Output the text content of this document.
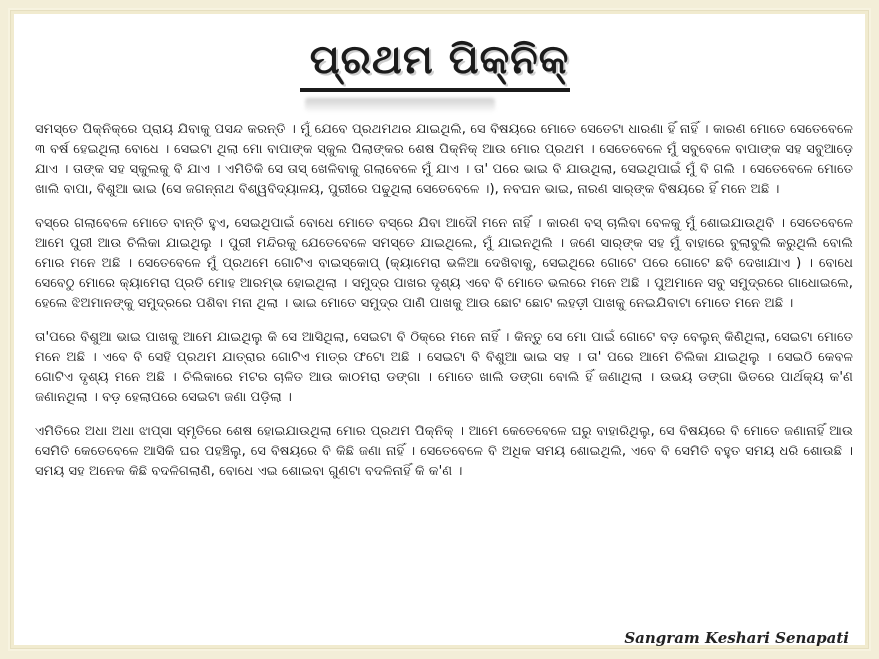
ପ୍ରଥମ ପିକ୍‌ନିକ୍‌

ସମସ୍ତେ ପିକ୍‌ନିକ୍‌ରେ ପ୍ରାୟ ଯିବାକୁ ପସନ୍ଦ କରନ୍ତି । ମୁଁ ଯେବେ ପ୍ରଥମଥର ଯାଇଥିଲି, ସେ ବିଷୟରେ ମୋତେ ସେତେଟା ଧାରଣା ହିଁ ନାହିଁ । କାରଣ ମୋତେ ସେତେବେଳେ ୩ ବର୍ଷ ହେଇଥିଲା ବୋଧେ । ସେଇଟା ଥିଲା ମୋ ବାପାଙ୍କ ସ୍କୁଲ ପିଲାଙ୍କର ଶେଷ ପିକ୍‌ନିକ୍‌ ଆଉ ମୋର ପ୍ରଥମ । ସେତେବେଳେ ମୁଁ ସବୁବେଳେ ବାପାଙ୍କ ସହ ସବୁଆଡ଼େ ଯାଏ । ତାଙ୍କ ସହ ସ୍କୁଲକୁ ବି ଯାଏ । ଏମିତିକି ସେ ତାସ୍‌ ଖେଳିବାକୁ ଗଲାବେଳେ ମୁଁ ଯାଏ । ତା' ପରେ ଭାଇ ବି ଯାଉଥିଲା, ସେଇଥିପାଇଁ ମୁଁ ବି ଗଲି । ସେତେବେଳେ ମୋତେ ଖାଲି ବାପା, ବିଶୁଆ ଭାଇ (ସେ ଜଗନ୍ନାଥ ବିଶ୍ୱବିଦ୍ୟାଳୟ, ପୁରୀରେ ପଢୁଥିଲା ସେତେବେଳେ ।), ନବଘନ ଭାଇ, ନାରଣ ସାର୍‌ଙ୍କ ବିଷୟରେ ହିଁ ମନେ ଅଛି ।

ବସ୍‌ରେ ଗଲାବେଳେ ମୋତେ ବାନ୍ତି ହୁଏ, ସେଇଥିପାଇଁ ବୋଧେ ମୋତେ ବସ୍‌ରେ ଯିବା ଆଦୌ ମନେ ନାହିଁ । କାରଣ ବସ୍‌ ଚାଲିବା ବେଳକୁ ମୁଁ ଶୋଇଯାଉଥିବି । ସେତେବେଳେ ଆମେ ପୁରୀ ଆଉ ଚିଲିକା ଯାଇଥିଲୁ । ପୁରୀ ମନ୍ଦିରକୁ ଯେତେବେଳେ ସମସ୍ତେ ଯାଇଥିଲେ, ମୁଁ ଯାଇନଥିଲି । ଜଣେ ସାର୍‌ଙ୍କ ସହ ମୁଁ ବାହାରେ ବୁଲାବୁଲି କରୁଥିଲି ବୋଲି ମୋର ମନେ ଅଛି । ସେତେବେଳେ ମୁଁ ପ୍ରଥମେ ଗୋଟିଏ ବାଇସ୍କୋପ୍‌ (କ୍ୟାମେରା ଭଳିଆ ଦେଖିବାକୁ, ସେଇଥିରେ ଗୋଟେ ପରେ ଗୋଟେ ଛବି ଦେଖାଯାଏ ) । ବୋଧେ ସେବେଠୁ ମୋରେ କ୍ୟାମେରା ପ୍ରତି ମୋହ ଆରମ୍ଭ ହୋଇଥିଲା । ସମୁଦ୍ର ପାଖର ଦୃଶ୍ୟ ଏବେ ବି ମୋତେ ଭଲରେ ମନେ ଅଛି । ପୁଅମାନେ ସବୁ ସମୁଦ୍ରରେ ଗାଧୋଇଲେ, ହେଲେ ଝିଅମାନଙ୍କୁ ସମୁଦ୍ରରେ ପଶିବା ମନା ଥିଲା । ଭାଇ ମୋତେ ସମୁଦ୍ର ପାଣି ପାଖକୁ ଆଉ ଛୋଟ ଛୋଟ ଲହଡ଼ୀ ପାଖକୁ ନେଇଯିବାଟା ମୋତେ ମନେ ଅଛି ।

ତା'ପରେ ବିଶୁଆ ଭାଇ ପାଖକୁ ଆମେ ଯାଇଥିଲୁ କି ସେ ଆସିଥିଲା, ସେଇଟା ବି ଠିକ୍‌ରେ ମନେ ନାହିଁ । କିନ୍ତୁ ସେ ମୋ ପାଇଁ ଗୋଟେ ବଡ଼ ବେଲୁନ୍‌ କିଣିଥିଲା, ସେଇଟା ମୋତେ ମନେ ଅଛି । ଏବେ ବି ସେହି ପ୍ରଥମ ଯାତ୍ରାର ଗୋଟିଏ ମାତ୍ର ଫଟୋ ଅଛି । ସେଇଟା ବି ବିଶୁଆ ଭାଇ ସହ । ତା' ପରେ ଆମେ ଚିଲିକା ଯାଇଥିଲୁ । ସେଇଠି କେବଳ ଗୋଟିଏ ଦୃଶ୍ୟ ମନେ ଅଛି । ଚିଲିକାରେ ମଟର ଚାଳିତ ଆଉ କାଠମରା ଡଙ୍ଗା । ମୋତେ ଖାଲି ଡଙ୍ଗା ବୋଲି ହିଁ ଜଣାଥିଲା । ଉଭୟ ଡଙ୍ଗା ଭିତରେ ପାର୍ଥକ୍ୟ କ'ଣ ଜଣାନଥିଲା । ବଡ଼ ହେଲାପରେ ସେଇଟା ଜଣା ପଡ଼ିଲା ।

ଏମିତିରେ ଅଧା ଅଧା ଝାପ୍‌ସା ସ୍ମୃତିରେ ଶେଷ ହୋଇଯାଉଥିଲା ମୋର ପ୍ରଥମ ପିକ୍‌ନିକ୍‌ । ଆମେ କେତେବେଳେ ଘରୁ ବାହାରିଥିଲୁ, ସେ ବିଷୟରେ ବି ମୋତେ ଜଣାନାହିଁ ଆଉ ସେମିତି କେତେବେଳେ ଆସିକି ଘର ପହଞ୍ଚିଲୁ, ସେ ବିଷୟରେ ବି କିଛି ଜଣା ନାହିଁ । ସେତେବେଳେ ବି ଅଧିକ ସମୟ ଶୋଇଥିଲି, ଏବେ ବି ସେମିତି ବହୁତ ସମୟ ଧରି ଶୋଉଛି । ସମୟ ସହ ଅନେକ କିଛି ବଦଳିଗଲାଣି, ବୋଧେ ଏଇ ଶୋଇବା ଗୁଣଟା ବଦଳିନାହିଁ କି କ'ଣ ।

Sangram Keshari Senapati
